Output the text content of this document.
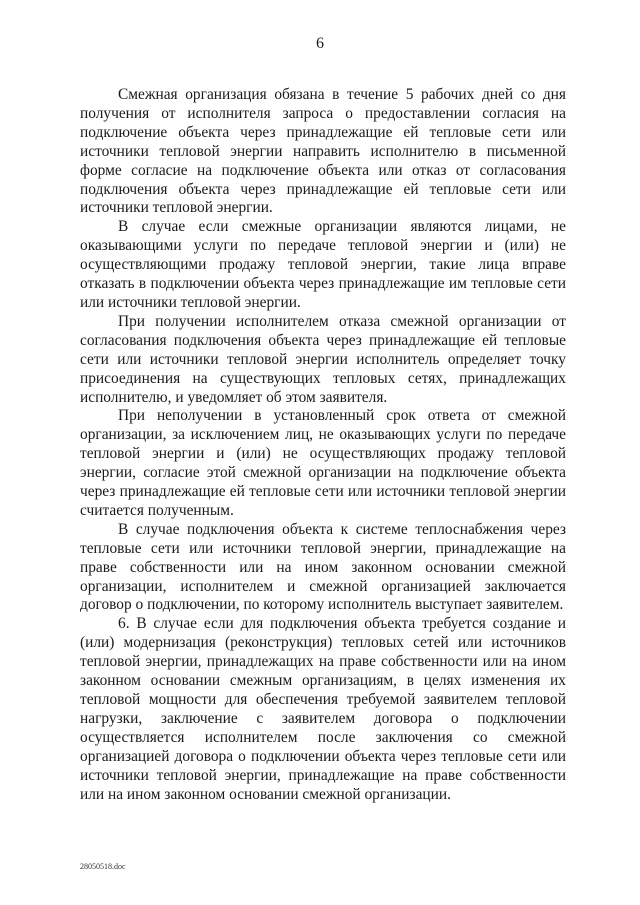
6

Смежная организация обязана в течение 5 рабочих дней со дня получения от исполнителя запроса о предоставлении согласия на подключение объекта через принадлежащие ей тепловые сети или источники тепловой энергии направить исполнителю в письменной форме согласие на подключение объекта или отказ от согласования подключения объекта через принадлежащие ей тепловые сети или источники тепловой энергии.

В случае если смежные организации являются лицами, не оказывающими услуги по передаче тепловой энергии и (или) не осуществляющими продажу тепловой энергии, такие лица вправе отказать в подключении объекта через принадлежащие им тепловые сети или источники тепловой энергии.

При получении исполнителем отказа смежной организации от согласования подключения объекта через принадлежащие ей тепловые сети или источники тепловой энергии исполнитель определяет точку присоединения на существующих тепловых сетях, принадлежащих исполнителю, и уведомляет об этом заявителя.

При неполучении в установленный срок ответа от смежной организации, за исключением лиц, не оказывающих услуги по передаче тепловой энергии и (или) не осуществляющих продажу тепловой энергии, согласие этой смежной организации на подключение объекта через принадлежащие ей тепловые сети или источники тепловой энергии считается полученным.

В случае подключения объекта к системе теплоснабжения через тепловые сети или источники тепловой энергии, принадлежащие на праве собственности или на ином законном основании смежной организации, исполнителем и смежной организацией заключается договор о подключении, по которому исполнитель выступает заявителем.

6. В случае если для подключения объекта требуется создание и (или) модернизация (реконструкция) тепловых сетей или источников тепловой энергии, принадлежащих на праве собственности или на ином законном основании смежным организациям, в целях изменения их тепловой мощности для обеспечения требуемой заявителем тепловой нагрузки, заключение с заявителем договора о подключении осуществляется исполнителем после заключения со смежной организацией договора о подключении объекта через тепловые сети или источники тепловой энергии, принадлежащие на праве собственности или на ином законном основании смежной организации.

28050518.doc
